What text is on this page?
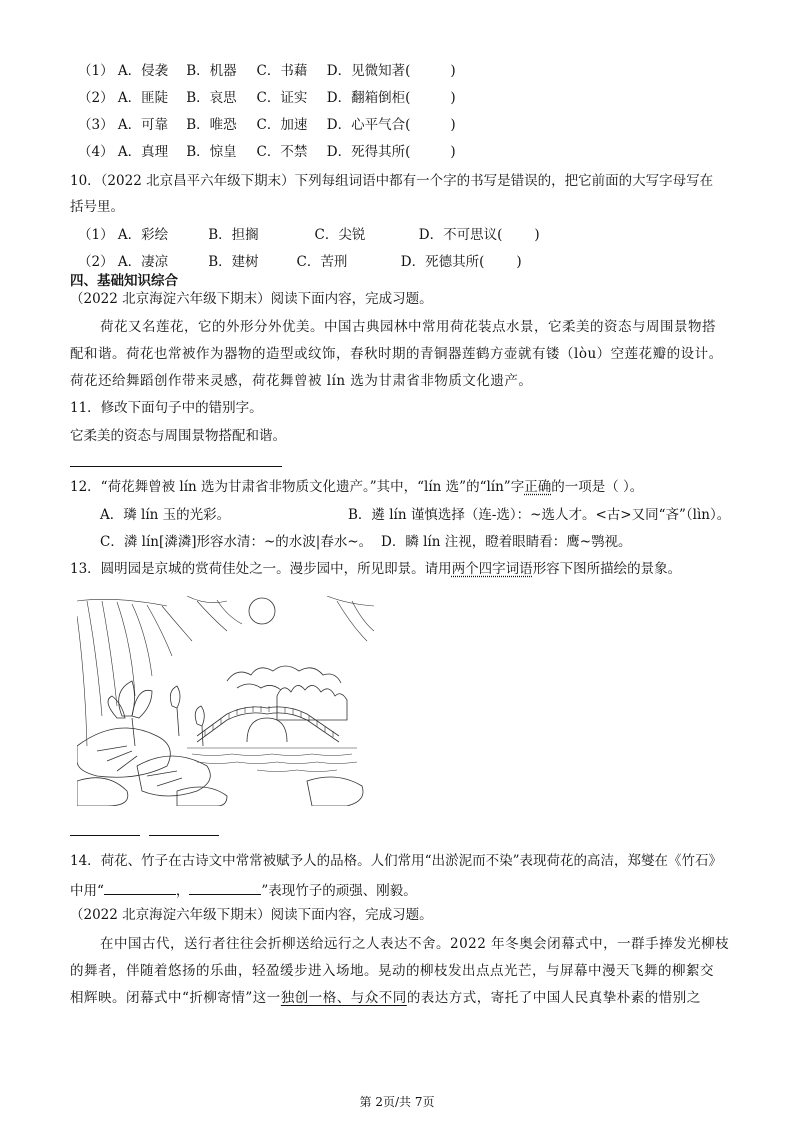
（1） A．侵袭 B．机器 C．书藉 D．见微知著(	)
（2） A．匪陡 B．哀思 C．证实 D．翻箱倒柜(	)
（3） A．可靠 B．唯恐 C．加速 D．心平气合(	)
（4） A．真理 B．惊皇 C．不禁 D．死得其所(	)
10．（2022 北京昌平六年级下期末）下列每组词语中都有一个字的书写是错误的，把它前面的大写字母写在
括号里。
（1） A．彩绘	B．担搁	C．尖锐	D．不可思议( )
（2） A．凄凉	B．建树	C．苦刑	D．死德其所( )
四、基础知识综合
（2022 北京海淀六年级下期末）阅读下面内容，完成习题。
荷花又名莲花，它的外形分外优美。中国古典园林中常用荷花装点水景，它柔美的资态与周围景物搭
配和谐。荷花也常被作为器物的造型或纹饰，春秋时期的青铜器莲鹤方壶就有镂（lòu）空莲花瓣的设计。
荷花还给舞蹈创作带来灵感，荷花舞曾被 lín 选为甘肃省非物质文化遗产。
11．修改下面句子中的错别字。
它柔美的资态与周围景物搭配和谐。
12．“荷花舞曾被 lín 选为甘肃省非物质文化遗产。”其中，“lín 选”的“lín”字正确的一项是（ ）。
A．璘 lín 玉的光彩。	B．遴 lín 谨慎选择（连-选）：~选人才。<古>又同“吝”（lìn）。
C．潾 lín[潾潾]形容水清：~的水波|春水~。 D．瞵 lín 注视，瞪着眼睛看：鹰~鹗视。
13．圆明园是京城的赏荷佳处之一。漫步园中，所见即景。请用两个四字词语形容下图所描绘的景象。
14．荷花、竹子在古诗文中常常被赋予人的品格。人们常用“出淤泥而不染”表现荷花的高洁，郑燮在《竹石》
中用“	，	”表现竹子的顽强、刚毅。
（2022 北京海淀六年级下期末）阅读下面内容，完成习题。
在中国古代，送行者往往会折柳送给远行之人表达不舍。2022 年冬奥会闭幕式中，一群手捧发光柳枝
的舞者，伴随着悠扬的乐曲，轻盈缓步进入场地。晃动的柳枝发出点点光芒，与屏幕中漫天飞舞的柳絮交
相辉映。闭幕式中“折柳寄情”这一独创一格、与众不同的表达方式，寄托了中国人民真挚朴素的惜别之
第 2页/共 7页
